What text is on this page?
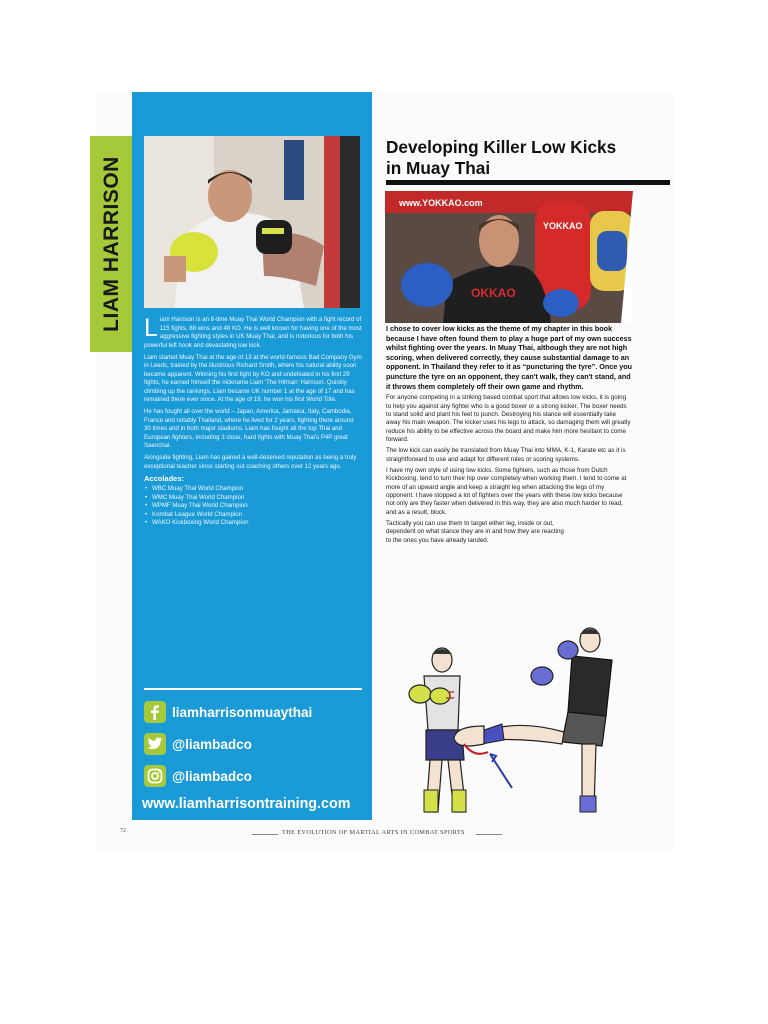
LIAM HARRISON Liam Harrison is an 8-time Muay Thai World Champion with a fight record of 115 fights, 88 wins and 48 KO. He is well known for having one of the most aggressive fighting styles in UK Muay Thai, and is notorious for both his powerful left hook and devastating low kick.

Liam started Muay Thai at the age of 13 at the world-famous Bad Company Gym in Leeds, trained by the illustrious Richard Smith, where his natural ability soon became apparent. Winning his first fight by KO and undefeated in his first 29 fights, he earned himself the nickname Liam 'The Hitman' Harrison. Quickly climbing up the rankings, Liam became UK number 1 at the age of 17 and has remained there ever since. At the age of 19, he won his first World Title.

He has fought all over the world – Japan, America, Jamaica, Italy, Cambodia, France and notably Thailand, where he lived for 2 years, fighting there around 30 times and in both major stadiums. Liam has fought all the top Thai and European fighters, including 3 close, hard fights with Muay Thai's P4P great Saenchai.

Alongside fighting, Liam has gained a well-deserved reputation as being a truly exceptional teacher since starting out coaching others over 12 years ago.

Accolades:
• WBC Muay Thai World Champion
• WMC Muay Thai World Champion
• WPMF Muay Thai World Champion
• Kombat League World Champion
• WAKO Kickboxing World Champion
liamharrisonmuaythai
@liambadco
@liambadco
www.liamharrisontraining.com
Developing Killer Low Kicks
in Muay Thai
www.YOKKAO.com
YOKKAO
OKKAO

I chose to cover low kicks as the theme of my chapter in this book because I have often found them to play a huge part of my own success whilst fighting over the years. In Muay Thai, although they are not high scoring, when delivered correctly, they cause substantial damage to an opponent. In Thailand they refer to it as “puncturing the tyre”. Once you puncture the tyre on an opponent, they can't walk, they can't stand, and it throws them completely off their own game and rhythm.

For anyone competing in a striking based combat sport that allows low kicks, it is going to help you against any fighter who is a good boxer or a strong kicker. The boxer needs to stand solid and plant his feet to punch. Destroying his stance will essentially take away his main weapon. The kicker uses his legs to attack, so damaging them will greatly reduce his ability to be effective across the board and make him more hesitant to come forward.

The low kick can easily be translated from Muay Thai into MMA, K-1, Karate etc as it is straightforward to use and adapt for different rules or scoring systems.

I have my own style of using low kicks. Some fighters, such as those from Dutch Kickboxing, tend to turn their hip over completely when working them. I tend to come at more of an upward angle and keep a straight leg when attacking the legs of my opponent. I have stopped a lot of fighters over the years with these low kicks because not only are they faster when delivered in this way, they are also much harder to read, and as a result, block.

Tactically you can use them to target either leg, inside or out, dependent on what stance they are in and how they are reacting to the ones you have already landed.

72	THE EVOLUTION OF MARTIAL ARTS IN COMBAT SPORTS
